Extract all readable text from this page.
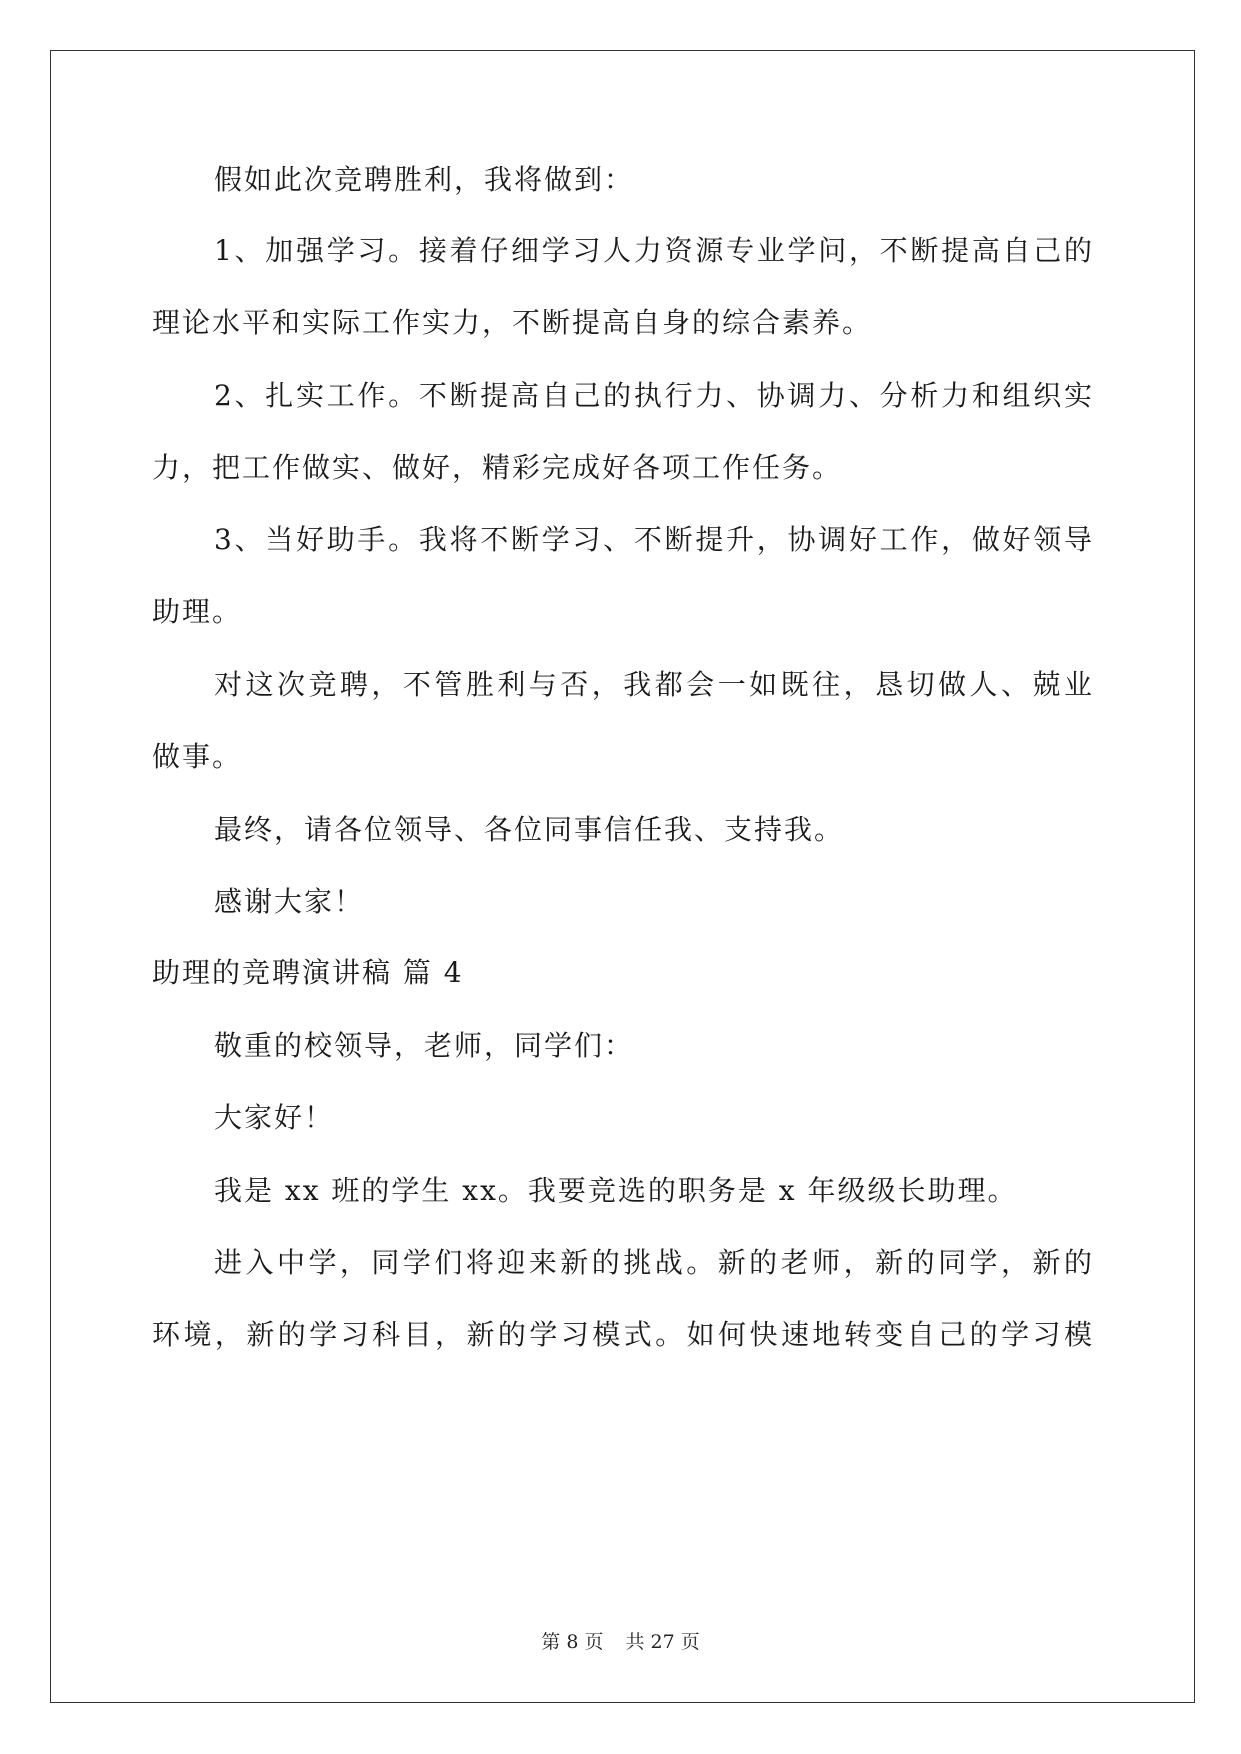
假如此次竞聘胜利，我将做到：
1、加强学习。接着仔细学习人力资源专业学问，不断提高自己的
理论水平和实际工作实力，不断提高自身的综合素养。
2、扎实工作。不断提高自己的执行力、协调力、分析力和组织实
力，把工作做实、做好，精彩完成好各项工作任务。
3、当好助手。我将不断学习、不断提升，协调好工作，做好领导
助理。
对这次竞聘，不管胜利与否，我都会一如既往，恳切做人、兢业
做事。
最终，请各位领导、各位同事信任我、支持我。
感谢大家！
助理的竞聘演讲稿 篇 4
敬重的校领导，老师，同学们：
大家好！
我是 xx 班的学生 xx。我要竞选的职务是 x 年级级长助理。
进入中学，同学们将迎来新的挑战。新的老师，新的同学，新的
环境，新的学习科目，新的学习模式。如何快速地转变自己的学习模
第 8 页 共 27 页
